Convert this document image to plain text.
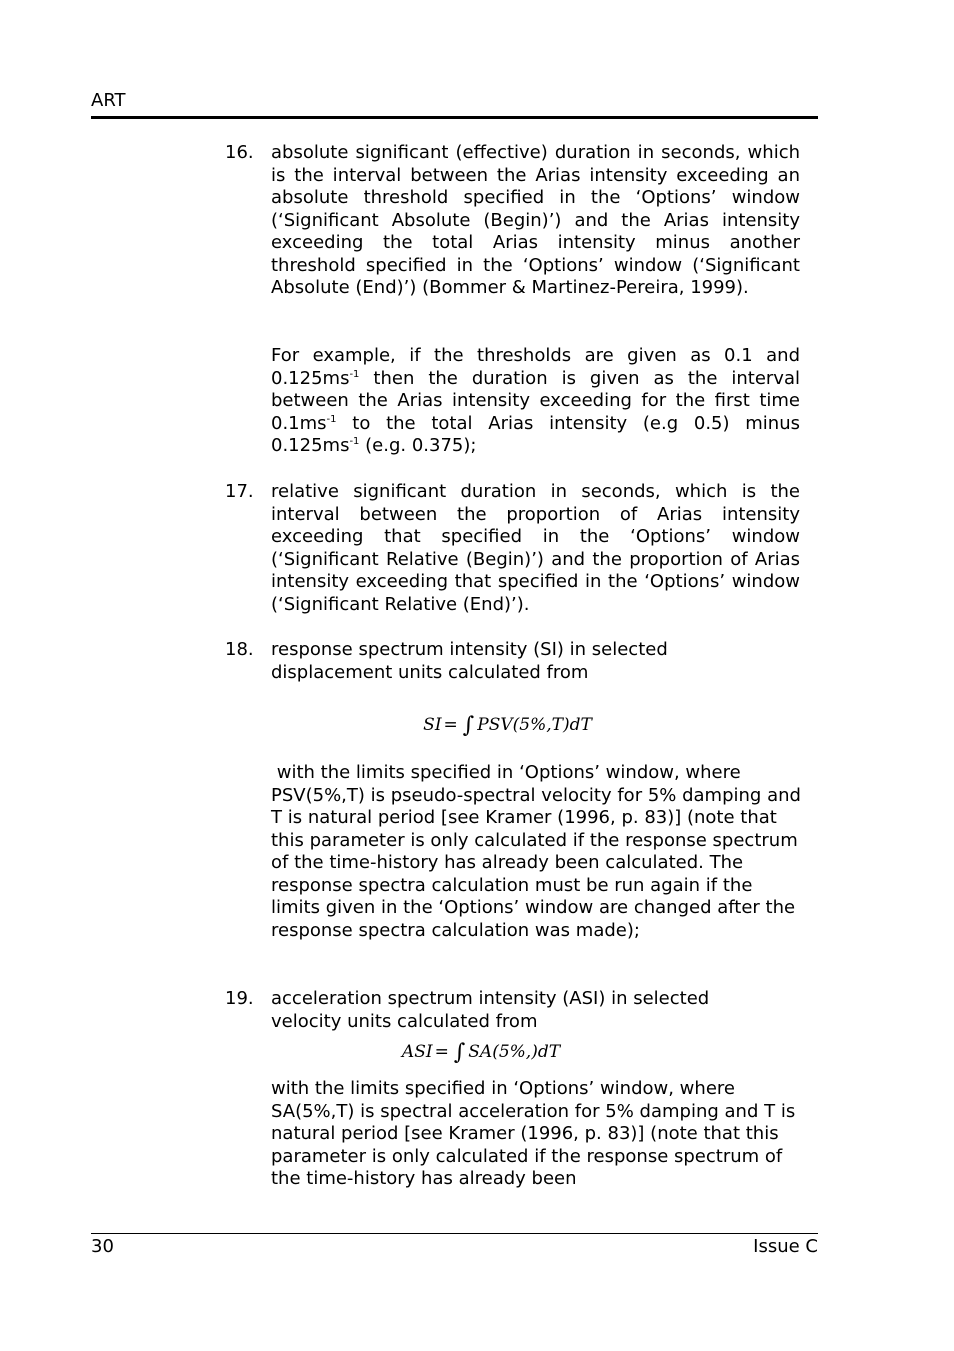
ART
16. absolute significant (effective) duration in seconds, which is the interval between the Arias intensity exceeding an absolute threshold specified in the ‘Options’ window (‘Significant Absolute (Begin)’) and the Arias intensity exceeding the total Arias intensity minus another threshold specified in the ‘Options’ window (‘Significant Absolute (End)’) (Bommer & Martinez-Pereira, 1999).

For example, if the thresholds are given as 0.1 and $0.125ms^{-1}$ then the duration is given as the interval between the Arias intensity exceeding for the first time $0.1ms^{-1}$ to the total Arias intensity (e.g 0.5) minus $0.125ms^{-1}$ (e.g. 0.375);

17. relative significant duration in seconds, which is the interval between the proportion of Arias intensity exceeding that specified in the ‘Options’ window (‘Significant Relative (Begin)’) and the proportion of Arias intensity exceeding that specified in the ‘Options’ window (‘Significant Relative (End)’).

18. response spectrum intensity (SI) in selected
displacement units calculated from
SI = ∫ PSV(5%,T)dT

with the limits specified in ‘Options’ window, where PSV(5%,T) is pseudo-spectral velocity for 5% damping and T is natural period [see Kramer (1996, p. 83)] (note that this parameter is only calculated if the response spectrum of the time-history has already been calculated. The response spectra calculation must be run again if the limits given in the ‘Options’ window are changed after the response spectra calculation was made);

19. acceleration spectrum intensity (ASI) in selected
velocity units calculated from
ASI = ∫ SA(5%,)dT

with the limits specified in ‘Options’ window, where SA(5%,T) is spectral acceleration for 5% damping and T is natural period [see Kramer (1996, p. 83)] (note that this parameter is only calculated if the response spectrum of the time-history has already been

30	Issue C
